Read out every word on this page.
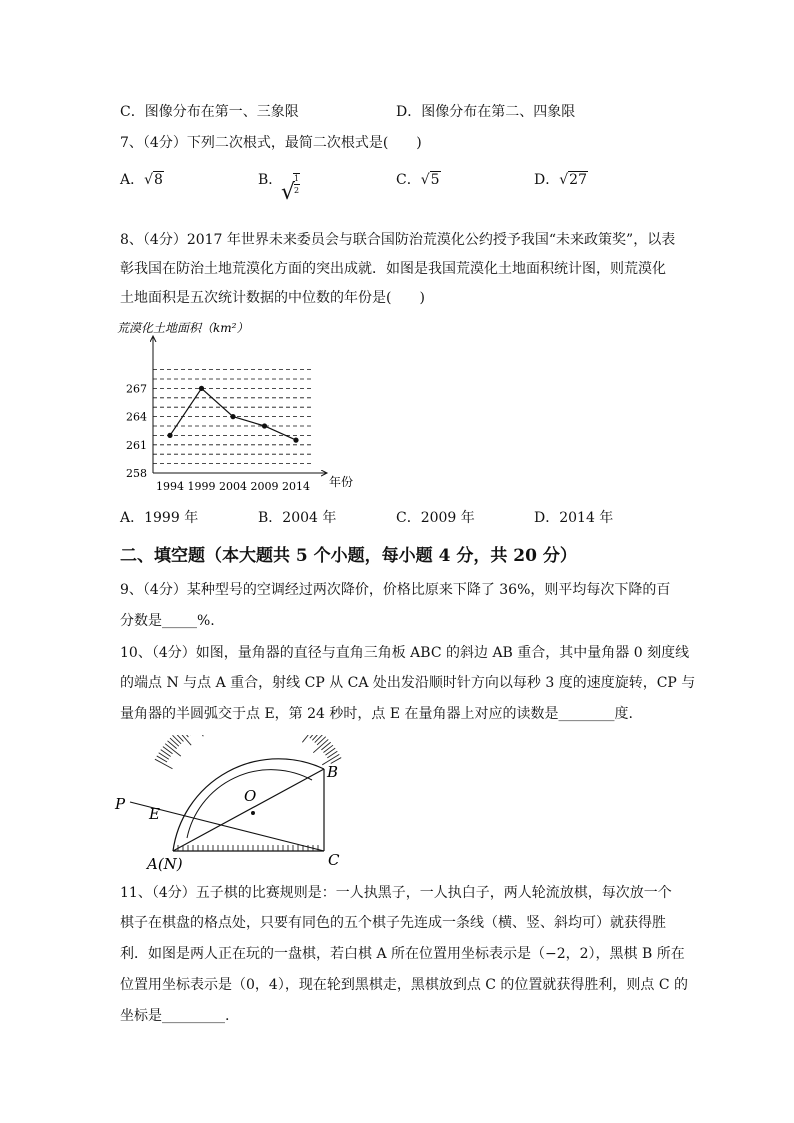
C．图像分布在第一、三象限	D．图像分布在第二、四象限
7、（4分）下列二次根式，最简二次根式是(　　)
A．√8	B．
√
1
2
C．√5	D．√27
8、（4分）2017 年世界未来委员会与联合国防治荒漠化公约授予我国“未来政策奖”，以表
彰我国在防治土地荒漠化方面的突出成就．如图是我国荒漠化土地面积统计图，则荒漠化
土地面积是五次统计数据的中位数的年份是(　　)
荒漠化土地面积（km²）
年份
258
261
264
267
1994 1999 2004 2009 2014
A．1999 年	B．2004 年	C．2009 年	D．2014 年
二、填空题（本大题共 5 个小题，每小题 4 分，共 20 分）
9、（4分）某种型号的空调经过两次降价，价格比原来下降了 36%，则平均每次下降的百
分数是_____%.
10、（4分）如图，量角器的直径与直角三角板 ABC 的斜边 AB 重合，其中量角器 0 刻度线
的端点 N 与点 A 重合，射线 CP 从 CA 处出发沿顺时针方向以每秒 3 度的速度旋转，CP 与
量角器的半圆弧交于点 E，第 24 秒时，点 E 在量角器上对应的读数是________度.
P
E
O
B
A(N)	C
11、（4分）五子棋的比赛规则是：一人执黑子，一人执白子，两人轮流放棋，每次放一个
棋子在棋盘的格点处，只要有同色的五个棋子先连成一条线（横、竖、斜均可）就获得胜
利．如图是两人正在玩的一盘棋，若白棋 A 所在位置用坐标表示是（−2，2），黑棋 B 所在
位置用坐标表示是（0，4），现在轮到黑棋走，黑棋放到点 C 的位置就获得胜利，则点 C 的
坐标是_________.
